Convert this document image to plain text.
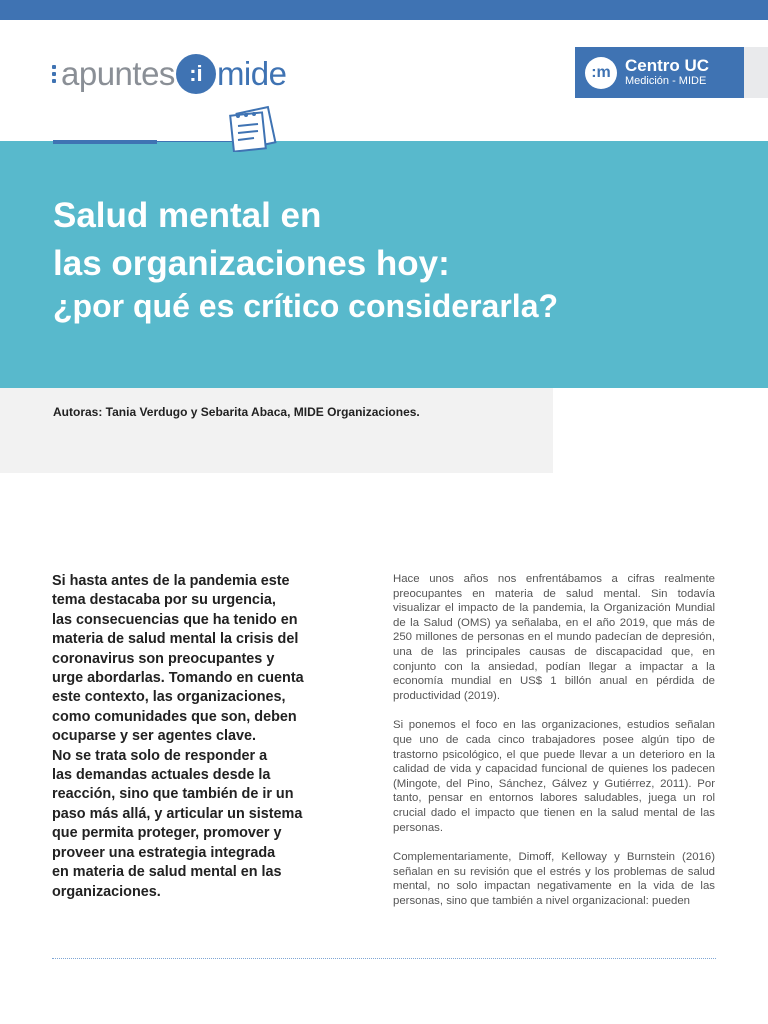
apuntes :i mide	:m Centro UC
Medición - MIDE
Salud mental en
las organizaciones hoy:
¿por qué es crítico considerarla?
Autoras: Tania Verdugo y Sebarita Abaca, MIDE Organizaciones.

Si hasta antes de la pandemia este
tema destacaba por su urgencia,
las consecuencias que ha tenido en
materia de salud mental la crisis del
coronavirus son preocupantes y
urge abordarlas. Tomando en cuenta
este contexto, las organizaciones,
como comunidades que son, deben
ocuparse y ser agentes clave.

No se trata solo de responder a
las demandas actuales desde la
reacción, sino que también de ir un
paso más allá, y articular un sistema
que permita proteger, promover y
proveer una estrategia integrada
en materia de salud mental en las
organizaciones.

Hace unos años nos enfrentábamos a cifras realmente preocupantes en materia de salud mental. Sin todavía visualizar el impacto de la pandemia, la Organización Mundial de la Salud (OMS) ya señalaba, en el año 2019, que más de 250 millones de personas en el mundo padecían de depresión, una de las principales causas de discapacidad que, en conjunto con la ansiedad, podían llegar a impactar a la economía mundial en US$ 1 billón anual en pérdida de productividad (2019).

Si ponemos el foco en las organizaciones, estudios señalan que uno de cada cinco trabajadores posee algún tipo de trastorno psicológico, el que puede llevar a un deterioro en la calidad de vida y capacidad funcional de quienes los padecen (Mingote, del Pino, Sánchez, Gálvez y Gutiérrez, 2011). Por tanto, pensar en entornos labores saludables, juega un rol crucial dado el impacto que tienen en la salud mental de las personas.

Complementariamente, Dimoff, Kelloway y Burnstein (2016) señalan en su revisión que el estrés y los problemas de salud mental, no solo impactan negativamente en la vida de las personas, sino que también a nivel organizacional: pueden
